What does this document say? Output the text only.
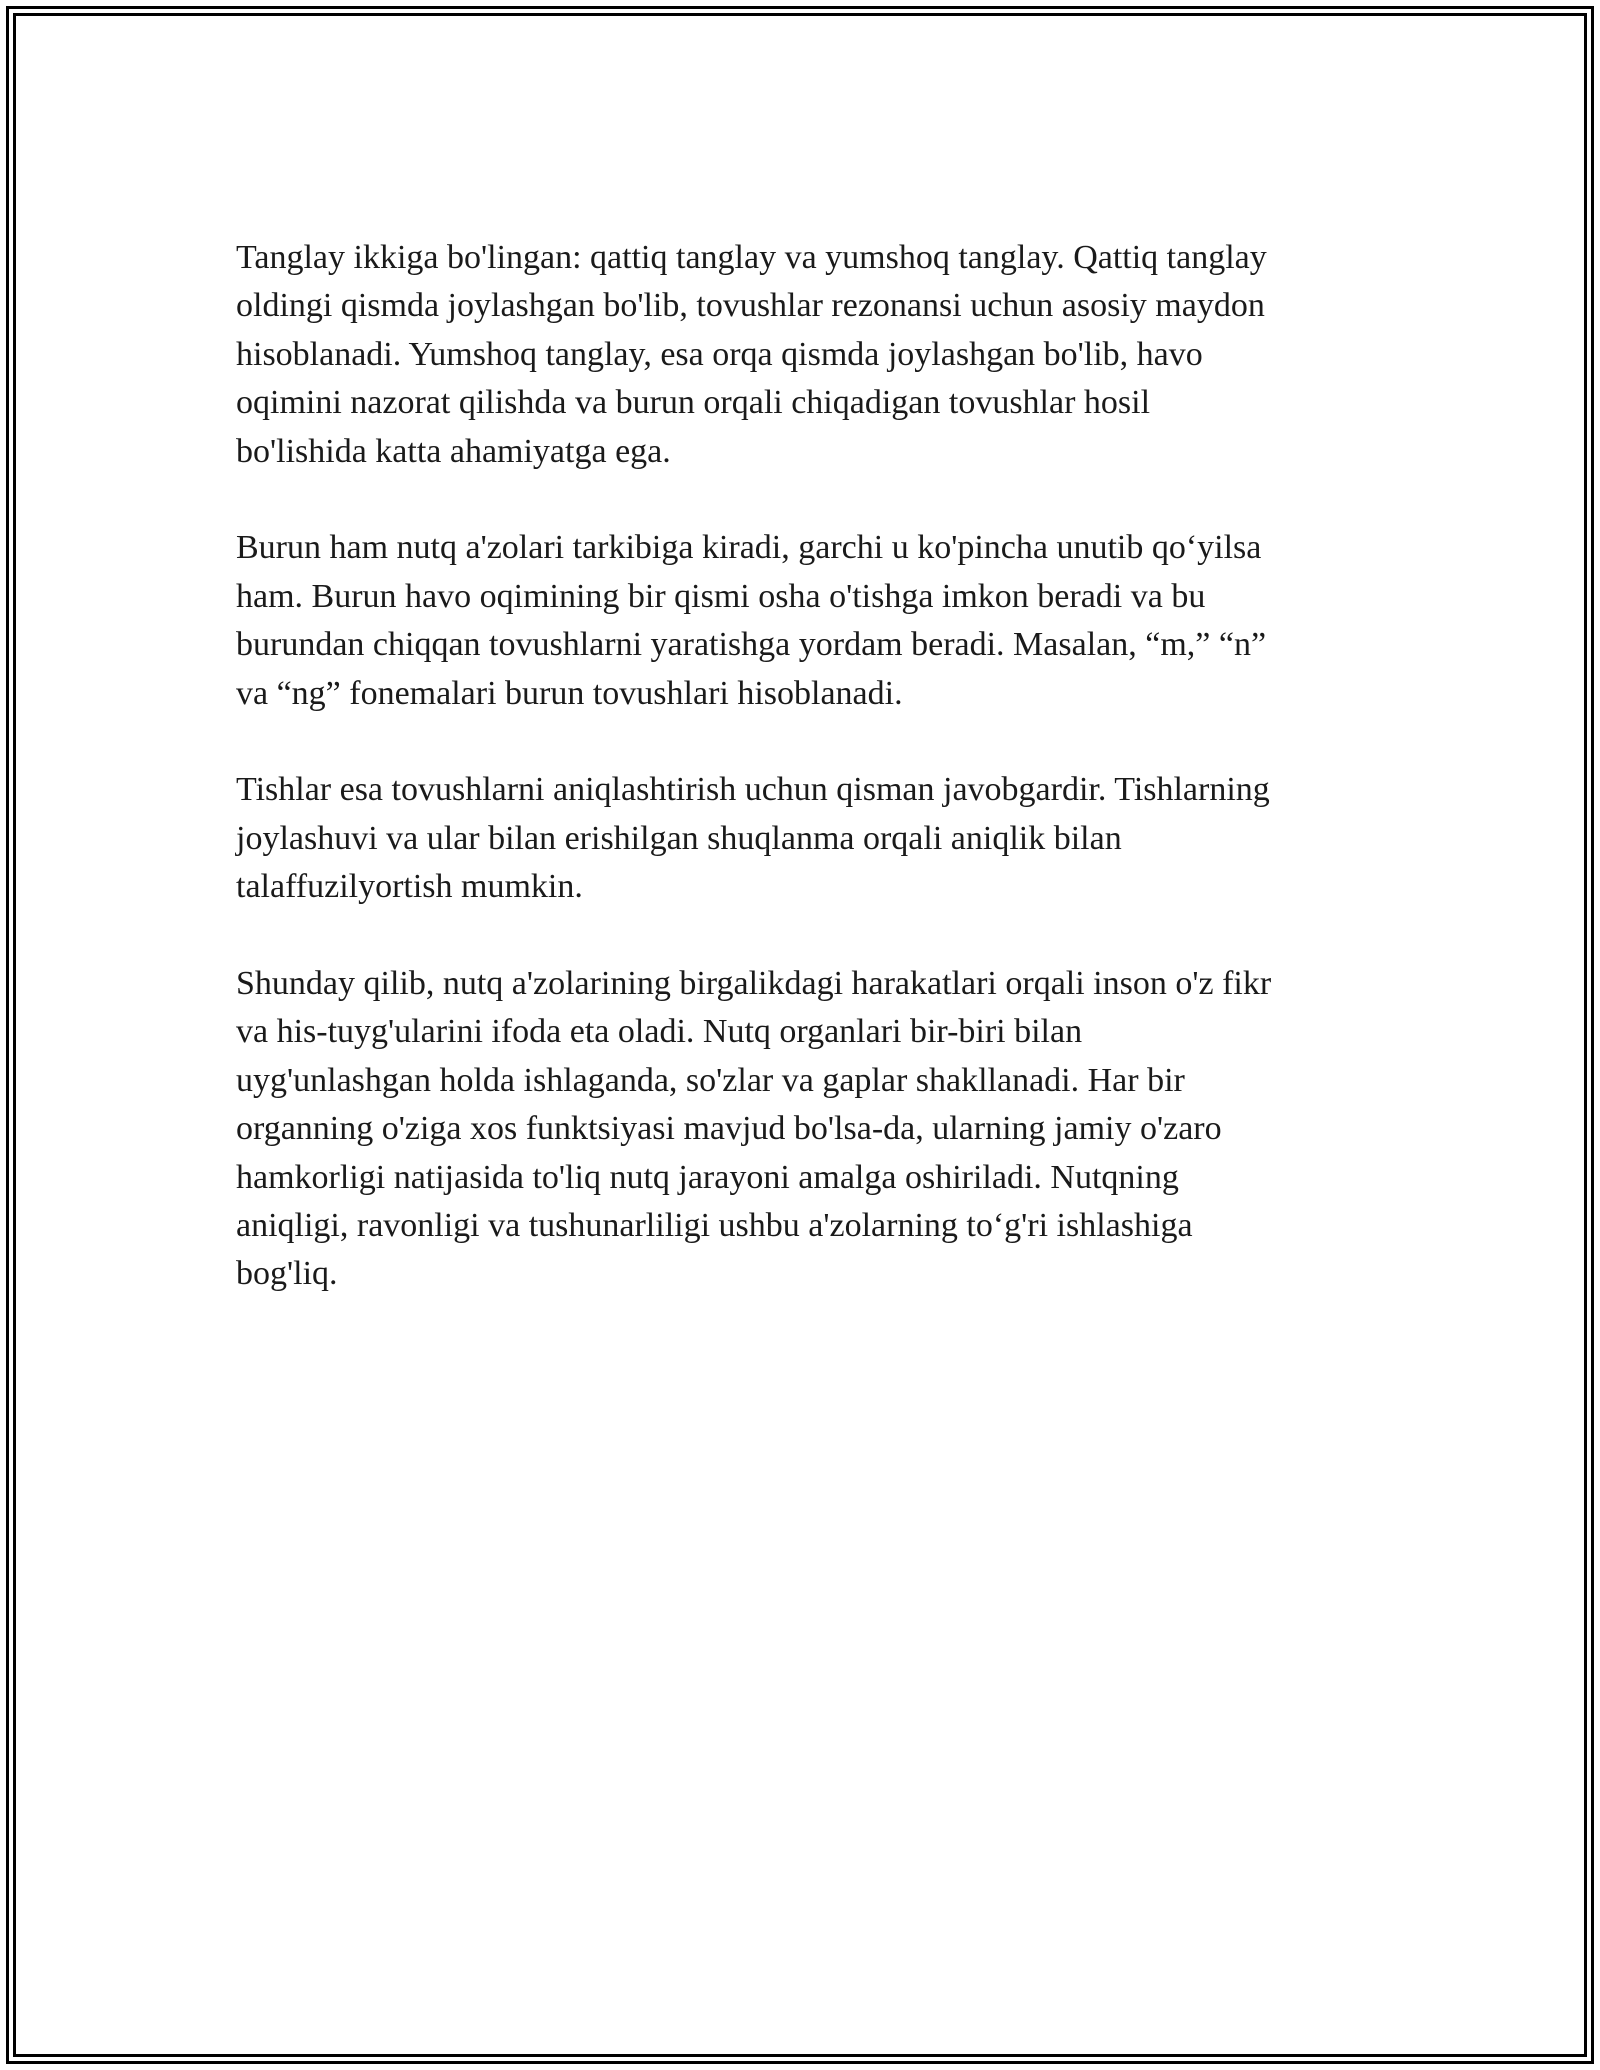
Tanglay ikkiga bo'lingan: qattiq tanglay va yumshoq tanglay. Qattiq tanglay
oldingi qismda joylashgan bo'lib, tovushlar rezonansi uchun asosiy maydon
hisoblanadi. Yumshoq tanglay, esa orqa qismda joylashgan bo'lib, havo
oqimini nazorat qilishda va burun orqali chiqadigan tovushlar hosil
bo'lishida katta ahamiyatga ega.

Burun ham nutq a'zolari tarkibiga kiradi, garchi u ko'pincha unutib qo‘yilsa
ham. Burun havo oqimining bir qismi osha o'tishga imkon beradi va bu
burundan chiqqan tovushlarni yaratishga yordam beradi. Masalan, “m,” “n”
va “ng” fonemalari burun tovushlari hisoblanadi.

Tishlar esa tovushlarni aniqlashtirish uchun qisman javobgardir. Tishlarning
joylashuvi va ular bilan erishilgan shuqlanma orqali aniqlik bilan
talaffuzilyortish mumkin.

Shunday qilib, nutq a'zolarining birgalikdagi harakatlari orqali inson o'z fikr
va his-tuyg'ularini ifoda eta oladi. Nutq organlari bir-biri bilan
uyg'unlashgan holda ishlaganda, so'zlar va gaplar shakllanadi. Har bir
organning o'ziga xos funktsiyasi mavjud bo'lsa-da, ularning jamiy o'zaro
hamkorligi natijasida to'liq nutq jarayoni amalga oshiriladi. Nutqning
aniqligi, ravonligi va tushunarliligi ushbu a'zolarning to‘g'ri ishlashiga
bog'liq.
